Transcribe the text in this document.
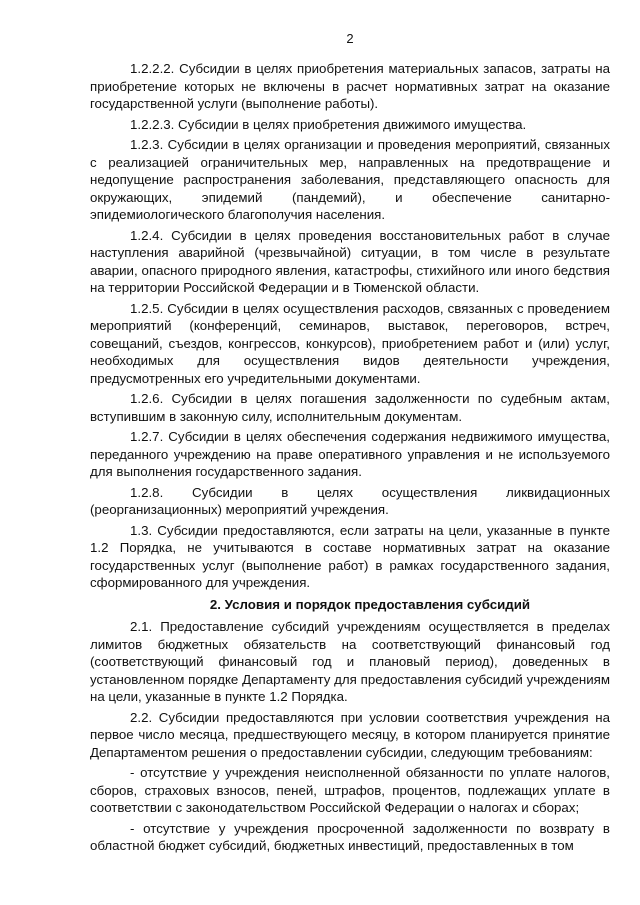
2

1.2.2.2. Субсидии в целях приобретения материальных запасов, затраты на приобретение которых не включены в расчет нормативных затрат на оказание государственной услуги (выполнение работы).

1.2.2.3. Субсидии в целях приобретения движимого имущества.

1.2.3. Субсидии в целях организации и проведения мероприятий, связанных с реализацией ограничительных мер, направленных на предотвращение и недопущение распространения заболевания, представляющего опасность для окружающих, эпидемий (пандемий), и обеспечение санитарно-эпидемиологического благополучия населения.

1.2.4. Субсидии в целях проведения восстановительных работ в случае наступления аварийной (чрезвычайной) ситуации, в том числе в результате аварии, опасного природного явления, катастрофы, стихийного или иного бедствия на территории Российской Федерации и в Тюменской области.

1.2.5. Субсидии в целях осуществления расходов, связанных с проведением мероприятий (конференций, семинаров, выставок, переговоров, встреч, совещаний, съездов, конгрессов, конкурсов), приобретением работ и (или) услуг, необходимых для осуществления видов деятельности учреждения, предусмотренных его учредительными документами.

1.2.6. Субсидии в целях погашения задолженности по судебным актам, вступившим в законную силу, исполнительным документам.

1.2.7. Субсидии в целях обеспечения содержания недвижимого имущества, переданного учреждению на праве оперативного управления и не используемого для выполнения государственного задания.

1.2.8. Субсидии в целях осуществления ликвидационных (реорганизационных) мероприятий учреждения.

1.3. Субсидии предоставляются, если затраты на цели, указанные в пункте 1.2 Порядка, не учитываются в составе нормативных затрат на оказание государственных услуг (выполнение работ) в рамках государственного задания, сформированного для учреждения.

2. Условия и порядок предоставления субсидий

2.1. Предоставление субсидий учреждениям осуществляется в пределах лимитов бюджетных обязательств на соответствующий финансовый год (соответствующий финансовый год и плановый период), доведенных в установленном порядке Департаменту для предоставления субсидий учреждениям на цели, указанные в пункте 1.2 Порядка.

2.2. Субсидии предоставляются при условии соответствия учреждения на первое число месяца, предшествующего месяцу, в котором планируется принятие Департаментом решения о предоставлении субсидии, следующим требованиям:

- отсутствие у учреждения неисполненной обязанности по уплате налогов, сборов, страховых взносов, пеней, штрафов, процентов, подлежащих уплате в соответствии с законодательством Российской Федерации о налогах и сборах;

- отсутствие у учреждения просроченной задолженности по возврату в областной бюджет субсидий, бюджетных инвестиций, предоставленных в том
